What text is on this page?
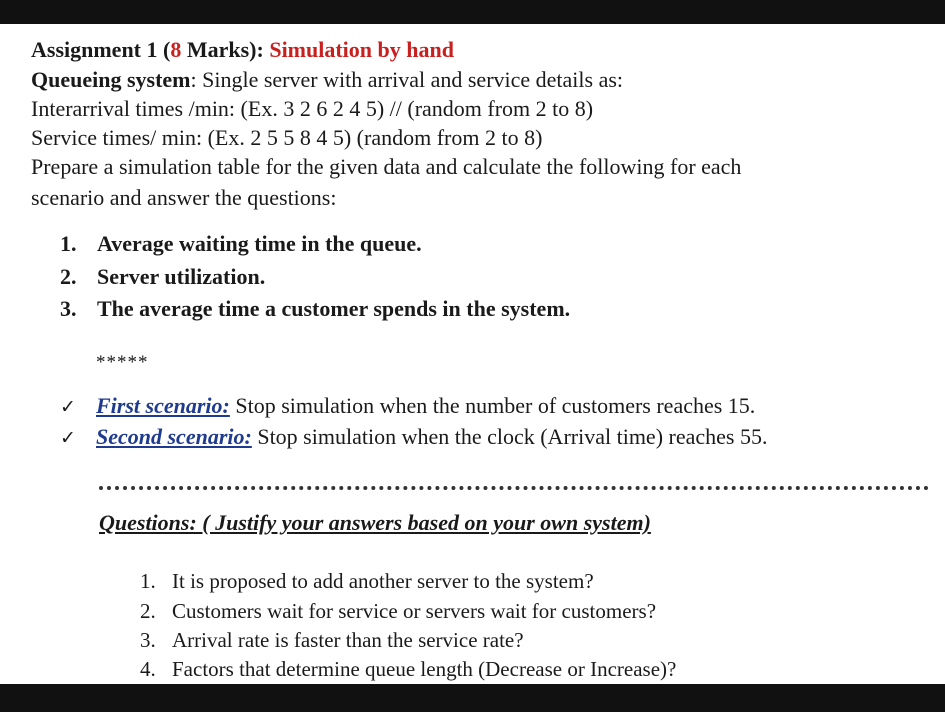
Assignment 1 (8 Marks): Simulation by hand
Queueing system: Single server with arrival and service details as:
Interarrival times /min: (Ex. 3 2 6 2 4 5) // (random from 2 to 8)
Service times/ min: (Ex. 2 5 5 8 4 5) (random from 2 to 8)
Prepare a simulation table for the given data and calculate the following for each
scenario and answer the questions:
1. Average waiting time in the queue.
2. Server utilization.
3. The average time a customer spends in the system.
*****
✓ First scenario: Stop simulation when the number of customers reaches 15.
✓ Second scenario: Stop simulation when the clock (Arrival time) reaches 55.
Questions: ( Justify your answers based on your own system)
1. It is proposed to add another server to the system?
2. Customers wait for service or servers wait for customers?
3. Arrival rate is faster than the service rate?
4. Factors that determine queue length (Decrease or Increase)?
